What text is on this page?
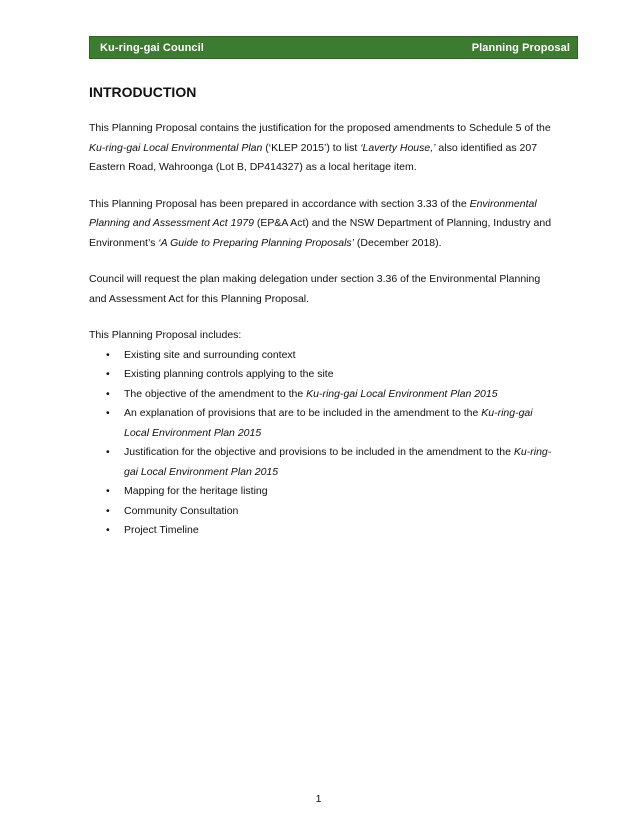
Ku-ring-gai Council	Planning Proposal
INTRODUCTION

This Planning Proposal contains the justification for the proposed amendments to Schedule 5 of the Ku-ring-gai Local Environmental Plan (‘KLEP 2015’) to list ‘Laverty House,’ also identified as 207 Eastern Road, Wahroonga (Lot B, DP414327) as a local heritage item.

This Planning Proposal has been prepared in accordance with section 3.33 of the Environmental Planning and Assessment Act 1979 (EP&A Act) and the NSW Department of Planning, Industry and Environment’s ‘A Guide to Preparing Planning Proposals’ (December 2018).

Council will request the plan making delegation under section 3.36 of the Environmental Planning and Assessment Act for this Planning Proposal.

This Planning Proposal includes:

• Existing site and surrounding context
• Existing planning controls applying to the site
• The objective of the amendment to the Ku-ring-gai Local Environment Plan 2015
• An explanation of provisions that are to be included in the amendment to the Ku-ring-gai Local Environment Plan 2015
• Justification for the objective and provisions to be included in the amendment to the Ku-ring-gai Local Environment Plan 2015
• Mapping for the heritage listing
• Community Consultation
• Project Timeline
1
